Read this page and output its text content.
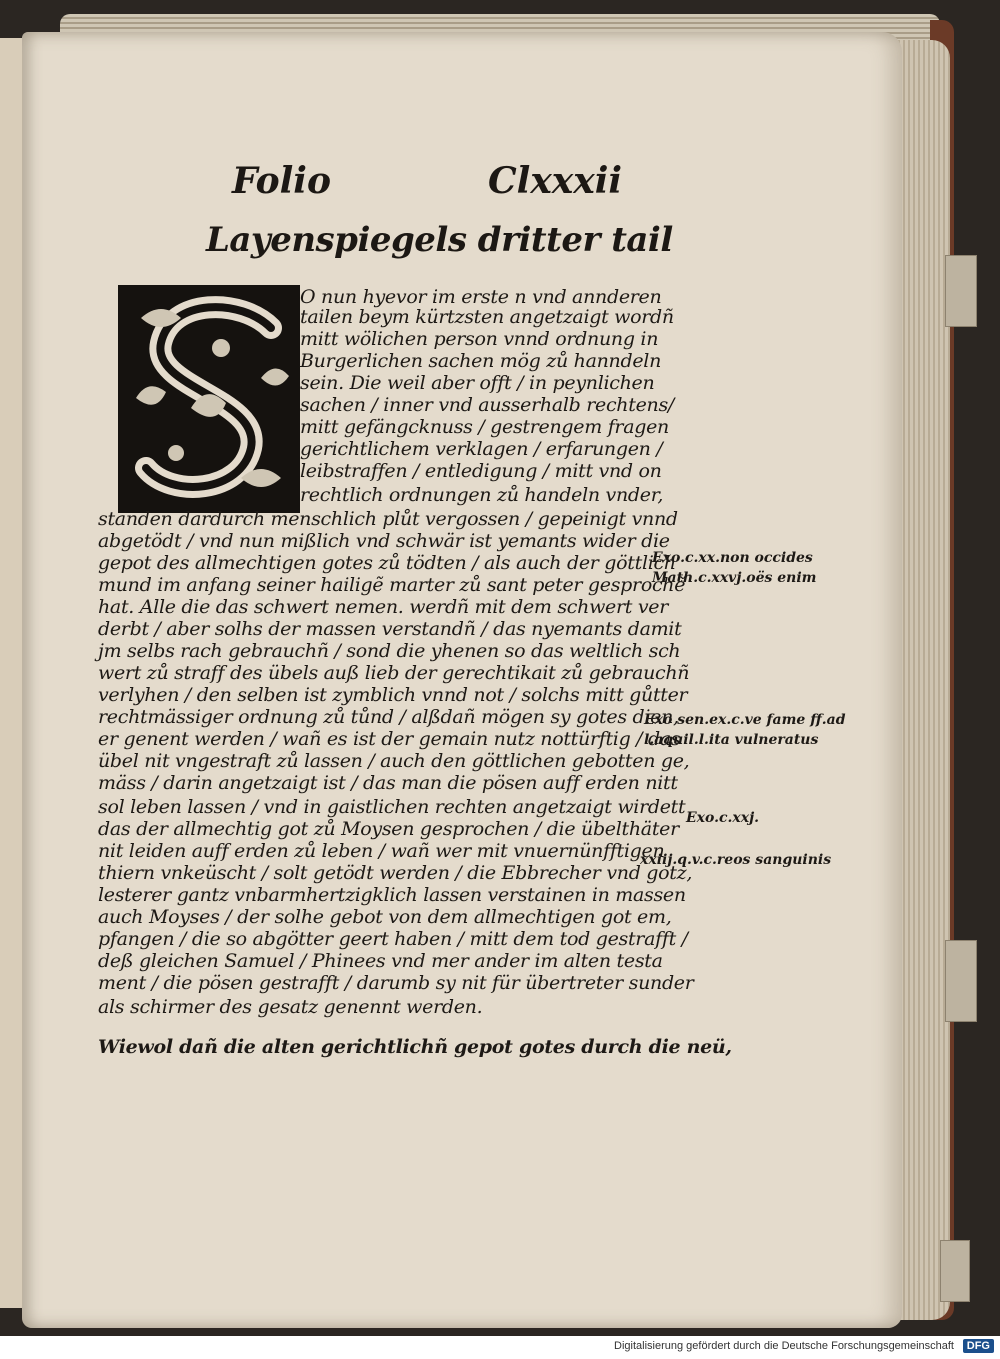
Folio	Clxxxii
Layenspiegels dritter tail
O nun hyevor im erste n vnd annderen
tailen beym kürtzsten angetzaigt wordñ
mitt wölichen person vnnd ordnung in
Burgerlichen sachen mög zů hanndeln
sein. Die weil aber offt / in peynlichen
sachen / inner vnd ausserhalb rechtens/
mitt gefängcknuss / gestrengem fragen
gerichtlichem verklagen / erfarungen /
leibstraffen / entledigung / mitt vnd on
rechtlich ordnungen zů handeln vnder,
standen dardurch menschlich plůt vergossen / gepeinigt vnnd
abgetödt / vnd nun mißlich vnd schwär ist yemants wider die
gepot des allmechtigen gotes zů tödten / als auch der göttlich
mund im anfang seiner hailigẽ marter zů sant peter gesprochẽ
hat. Alle die das schwert nemen. werdñ mit dem schwert ver
derbt / aber solhs der massen verstandñ / das nyemants damit
jm selbs rach gebrauchñ / sond die yhenen so das weltlich sch
wert zů straff des übels auß lieb der gerechtikait zů gebrauchñ
verlyhen / den selben ist zymblich vnnd not / solchs mitt gůtter
rechtmässiger ordnung zů tůnd / alßdañ mögen sy gotes dien,
er genent werden / wañ es ist der gemain nutz nottürftig / das
übel nit vngestraft zů lassen / auch den göttlichen gebotten ge,
mäss / darin angetzaigt ist / das man die pösen auff erden nitt
sol leben lassen / vnd in gaistlichen rechten angetzaigt wirdett
das der allmechtig got zů Moysen gesprochen / die übelthäter
nit leiden auff erden zů leben / wañ wer mit vnuernünfftigen
thiern vnkeüscht / solt getödt werden / die Ebbrecher vnd gotz,
lesterer gantz vnbarmhertzigklich lassen verstainen in massen
auch Moyses / der solhe gebot von dem allmechtigen got em,
pfangen / die so abgötter geert haben / mitt dem tod gestrafft /
deß gleichen Samuel / Phinees vnd mer ander im alten testa
ment / die pösen gestrafft / darumb sy nit für übertreter sunder
als schirmer des gesatz genennt werden.
Wiewol dañ die alten gerichtlichñ gepot gotes durch die neü,
Exo.c.xx.non occides
Math.c.xxvj.oës enim
Exo sen.ex.c.ve fame ff.ad
l.aquil.l.ita vulneratus
Exo.c.xxj.
xxiij.q.v.c.reos sanguinis
Digitalisierung gefördert durch die Deutsche Forschungsgemeinschaft	DFG
